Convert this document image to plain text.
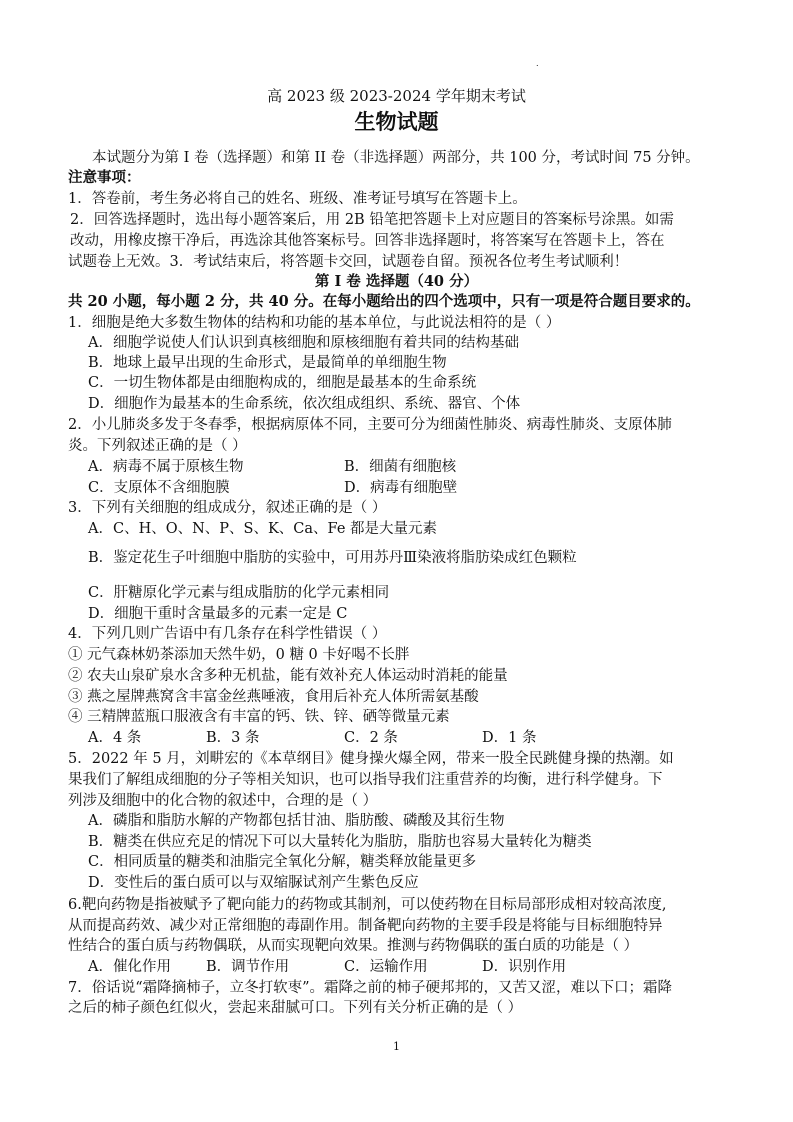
.
高 2023 级 2023-2024 学年期末考试
生物试题
本试题分为第 I 卷（选择题）和第 II 卷（非选择题）两部分，共 100 分，考试时间 75 分钟。
注意事项：
1．答卷前，考生务必将自己的姓名、班级、准考证号填写在答题卡上。
2．回答选择题时，选出每小题答案后，用 2B 铅笔把答题卡上对应题目的答案标号涂黑。如需
改动，用橡皮擦干净后，再选涂其他答案标号。回答非选择题时，将答案写在答题卡上，答在
试题卷上无效。3．考试结束后，将答题卡交回，试题卷自留。预祝各位考生考试顺利！
第 I 卷 选择题（40 分）
共 20 小题，每小题 2 分，共 40 分。在每小题给出的四个选项中，只有一项是符合题目要求的。
1．细胞是绝大多数生物体的结构和功能的基本单位，与此说法相符的是（ ）
A．细胞学说使人们认识到真核细胞和原核细胞有着共同的结构基础
B．地球上最早出现的生命形式，是最简单的单细胞生物
C．一切生物体都是由细胞构成的，细胞是最基本的生命系统
D．细胞作为最基本的生命系统，依次组成组织、系统、器官、个体
2．小儿肺炎多发于冬春季，根据病原体不同，主要可分为细菌性肺炎、病毒性肺炎、支原体肺
炎。下列叙述正确的是（ ）
A．病毒不属于原核生物	B．细菌有细胞核
C．支原体不含细胞膜	D．病毒有细胞壁
3．下列有关细胞的组成成分，叙述正确的是（ ）
A．C、H、O、N、P、S、K、Ca、Fe 都是大量元素
B．鉴定花生子叶细胞中脂肪的实验中，可用苏丹Ⅲ染液将脂肪染成红色颗粒
C．肝糖原化学元素与组成脂肪的化学元素相同
D．细胞干重时含量最多的元素一定是 C
4．下列几则广告语中有几条存在科学性错误（ ）
① 元气森林奶茶添加天然牛奶，0 糖 0 卡好喝不长胖
② 农夫山泉矿泉水含多种无机盐，能有效补充人体运动时消耗的能量
③ 燕之屋牌燕窝含丰富金丝燕唾液，食用后补充人体所需氨基酸
④ 三精牌蓝瓶口服液含有丰富的钙、铁、锌、硒等微量元素
A．4 条	B．3 条	C．2 条	D．1 条
5．2022 年 5 月，刘畊宏的《本草纲目》健身操火爆全网，带来一股全民跳健身操的热潮。如
果我们了解组成细胞的分子等相关知识，也可以指导我们注重营养的均衡，进行科学健身。下
列涉及细胞中的化合物的叙述中，合理的是（ ）
A．磷脂和脂肪水解的产物都包括甘油、脂肪酸、磷酸及其衍生物
B．糖类在供应充足的情况下可以大量转化为脂肪，脂肪也容易大量转化为糖类
C．相同质量的糖类和油脂完全氧化分解，糖类释放能量更多
D．变性后的蛋白质可以与双缩脲试剂产生紫色反应
6.靶向药物是指被赋予了靶向能力的药物或其制剂，可以使药物在目标局部形成相对较高浓度,
从而提高药效、减少对正常细胞的毒副作用。制备靶向药物的主要手段是将能与目标细胞特异
性结合的蛋白质与药物偶联，从而实现靶向效果。推测与药物偶联的蛋白质的功能是（ ）
A．催化作用 B．调节作用	C．运输作用	D．识别作用
7．俗话说“霜降摘柿子，立冬打软枣”。霜降之前的柿子硬邦邦的，又苦又涩，难以下口；霜降
之后的柿子颜色红似火，尝起来甜腻可口。下列有关分析正确的是（ ）
1
